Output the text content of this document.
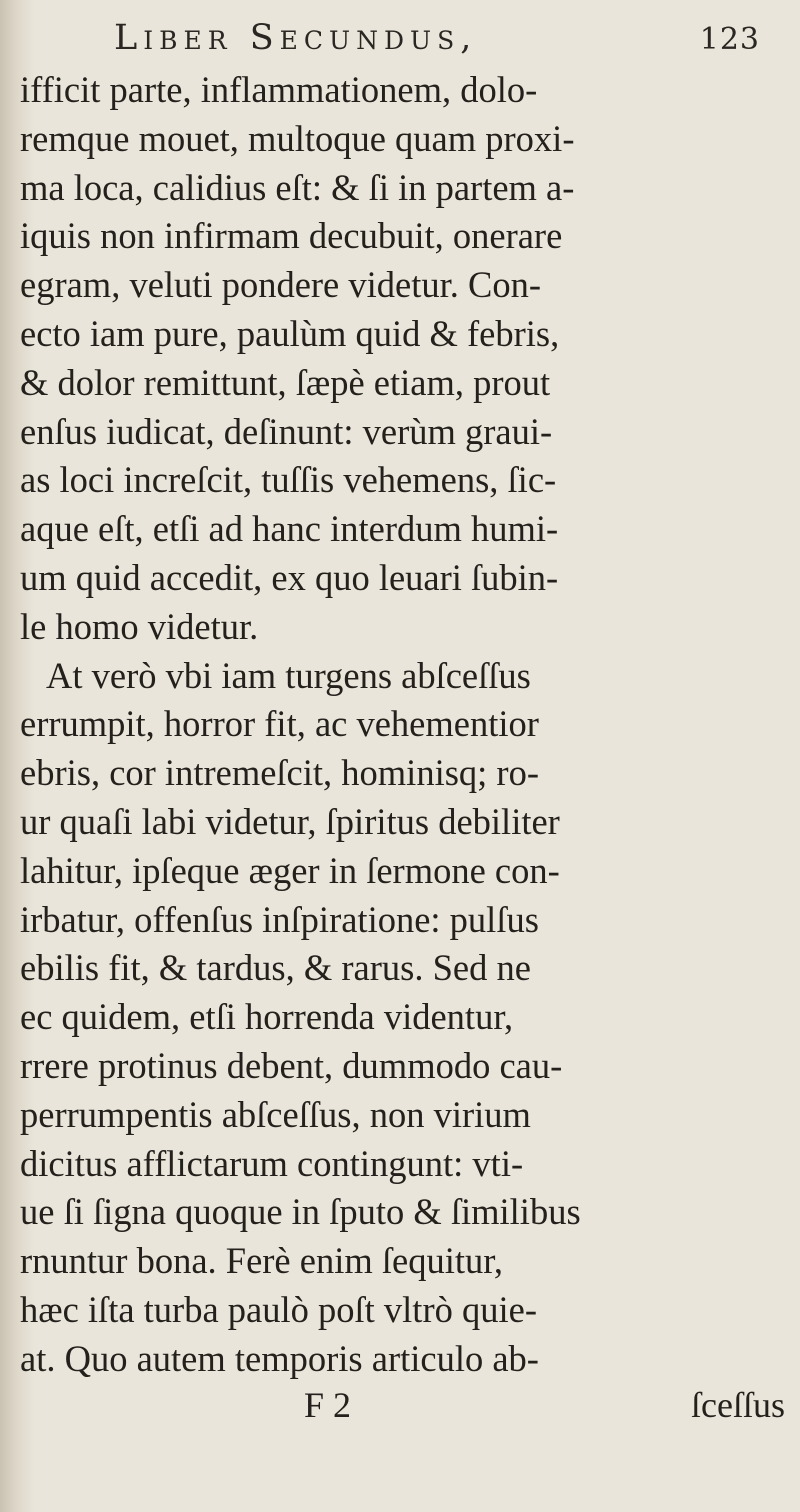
Liber Secundus,	123
ifficit parte, inflammationem, dolo-
remque mouet, multoque quam proxi-
ma loca, calidius eſt: & ſi in partem a-
iquis non infirmam decubuit, onerare
egram, veluti pondere videtur. Con-
ecto iam pure, paulùm quid & febris,
& dolor remittunt, ſæpè etiam, prout
enſus iudicat, deſinunt: verùm graui-
as loci increſcit, tuſſis vehemens, ſic-
aque eſt, etſi ad hanc interdum humi-
um quid accedit, ex quo leuari ſubin-
le homo videtur.
At verò vbi iam turgens abſceſſus
errumpit, horror fit, ac vehementior
ebris, cor intremeſcit, hominisq; ro-
ur quaſi labi videtur, ſpiritus debiliter
lahitur, ipſeque æger in ſermone con-
irbatur, offenſus inſpiratione: pulſus
ebilis fit, & tardus, & rarus. Sed ne
ec quidem, etſi horrenda videntur,
rrere protinus debent, dummodo cau-
perrumpentis abſceſſus, non virium
dicitus afflictarum contingunt: vti-
ue ſi ſigna quoque in ſputo & ſimilibus
rnuntur bona. Ferè enim ſequitur,
hæc iſta turba paulò poſt vltrò quie-
at. Quo autem temporis articulo ab-
F 2	ſceſſus
